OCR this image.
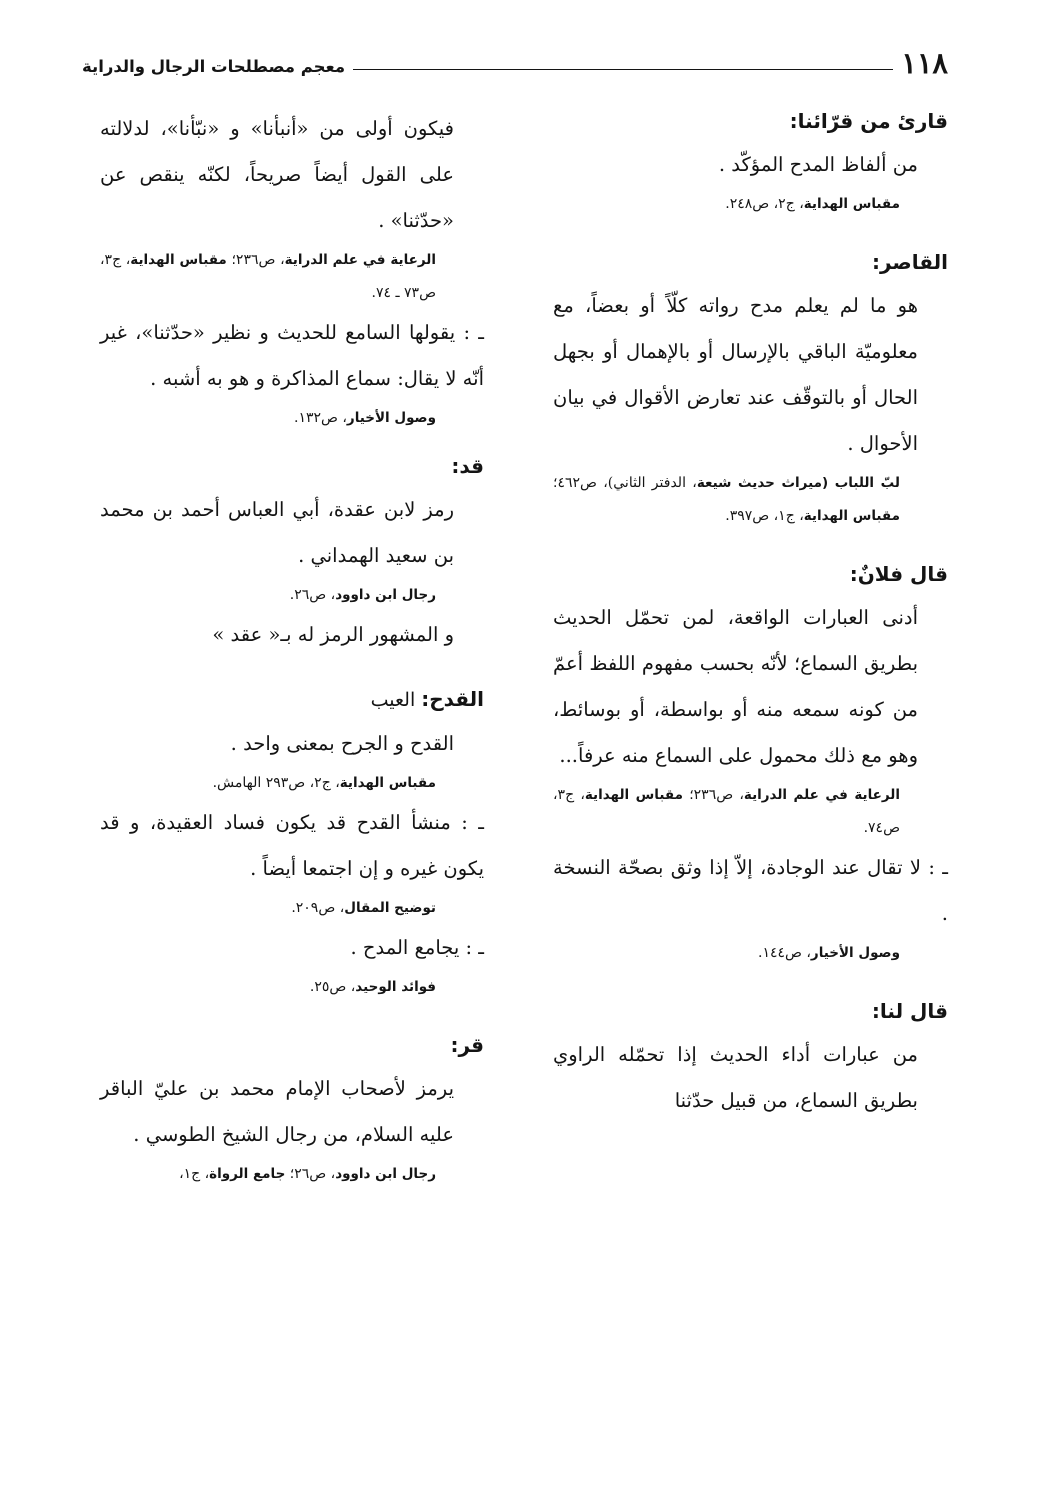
١١٨
معجم مصطلحات الرجال والدراية

قارئ من قرّائنا:

من ألفاظ المدح المؤكّد .

مقباس الهداية، ج٢، ص٢٤٨.

القاصر:

هو ما لم يعلم مدح رواته كلّاً أو بعضاً، مع معلوميّة الباقي بالإرسال أو بالإهمال أو بجهل الحال أو بالتوقّف عند تعارض الأقوال في بيان الأحوال .

لبّ اللباب (ميراث حديث شيعة، الدفتر الثاني)، ص٤٦٢؛ مقباس الهداية، ج١، ص٣٩٧.

قال فلانٌ:

أدنى العبارات الواقعة، لمن تحمّل الحديث بطريق السماع؛ لأنّه بحسب مفهوم اللفظ أعمّ من كونه سمعه منه أو بواسطة، أو بوسائط، وهو مع ذلك محمول على السماع منه عرفاً...

الرعاية في علم الدراية، ص٢٣٦؛ مقباس الهداية، ج٣، ص٧٤.

ـ : لا تقال عند الوجادة، إلاّ إذا وثق بصحّة النسخة .

وصول الأخيار، ص١٤٤.

قال لنا:

من عبارات أداء الحديث إذا تحمّله الراوي بطريق السماع، من قبيل حدّثنا

فيكون أولى من «أنبأنا» و «نبّأنا»، لدلالته على القول أيضاً صريحاً، لكنّه ينقص عن «حدّثنا» .

الرعاية في علم الدراية، ص٢٣٦؛ مقباس الهداية، ج٣، ص٧٣ ـ ٧٤.

ـ : يقولها السامع للحديث و نظير «حدّثنا»، غير أنّه لا يقال: سماع المذاكرة و هو به أشبه .

وصول الأخيار، ص١٣٢.

قد:

رمز لابن عقدة، أبي العباس أحمد بن محمد بن سعيد الهمداني .

رجال ابن داوود، ص٢٦.

و المشهور الرمز له بـ« عقد »

القدح: العيب

القدح و الجرح بمعنى واحد .

مقباس الهداية، ج٢، ص٢٩٣ الهامش.

ـ : منشأ القدح قد يكون فساد العقيدة، و قد يكون غيره و إن اجتمعا أيضاً .

توضيح المقال، ص٢٠٩.

ـ : يجامع المدح .

فوائد الوحيد، ص٢٥.

قر:

يرمز لأصحاب الإمام محمد بن عليّ الباقر عليه السلام، من رجال الشيخ الطوسي .

رجال ابن داوود، ص٢٦؛ جامع الرواة، ج١،
